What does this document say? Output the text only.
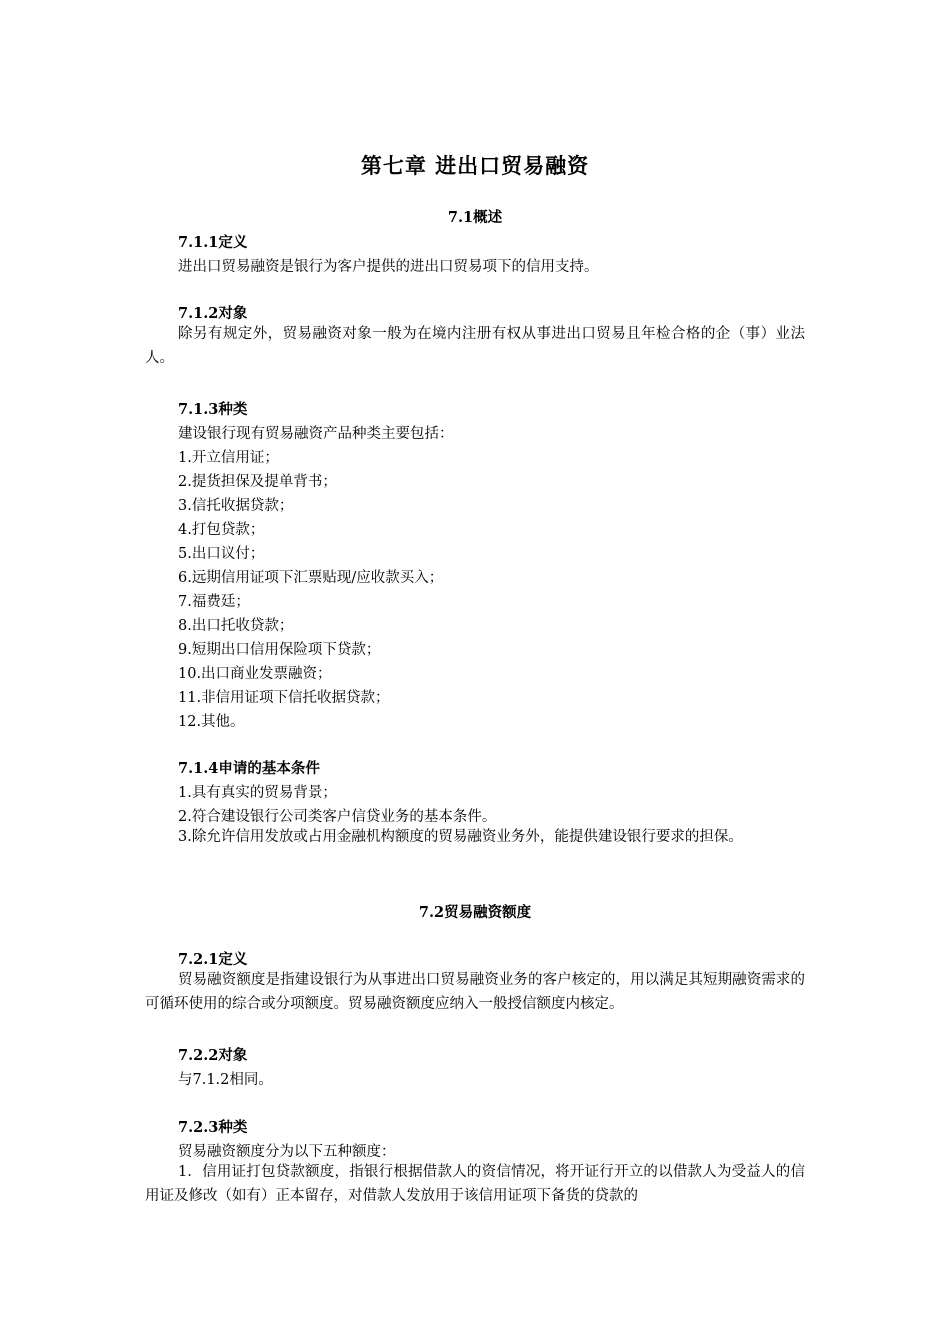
第七章 进出口贸易融资
7.1概述
7.1.1定义
进出口贸易融资是银行为客户提供的进出口贸易项下的信用支持。
7.1.2对象
除另有规定外，贸易融资对象一般为在境内注册有权从事进出口贸易且年检合格的企（事）业法人。
7.1.3种类
建设银行现有贸易融资产品种类主要包括：
1.开立信用证；
2.提货担保及提单背书；
3.信托收据贷款；
4.打包贷款；
5.出口议付；
6.远期信用证项下汇票贴现/应收款买入；
7.福费廷；
8.出口托收贷款；
9.短期出口信用保险项下贷款；
10.出口商业发票融资；
11.非信用证项下信托收据贷款；
12.其他。
7.1.4申请的基本条件
1.具有真实的贸易背景；
2.符合建设银行公司类客户信贷业务的基本条件。
3.除允许信用发放或占用金融机构额度的贸易融资业务外，能提供建设银行要求的担保。
7.2贸易融资额度
7.2.1定义
贸易融资额度是指建设银行为从事进出口贸易融资业务的客户核定的，用以满足其短期融资需求的可循环使用的综合或分项额度。贸易融资额度应纳入一般授信额度内核定。
7.2.2对象
与7.1.2相同。
7.2.3种类
贸易融资额度分为以下五种额度：
1．信用证打包贷款额度，指银行根据借款人的资信情况，将开证行开立的以借款人为受益人的信用证及修改（如有）正本留存，对借款人发放用于该信用证项下备货的贷款的
